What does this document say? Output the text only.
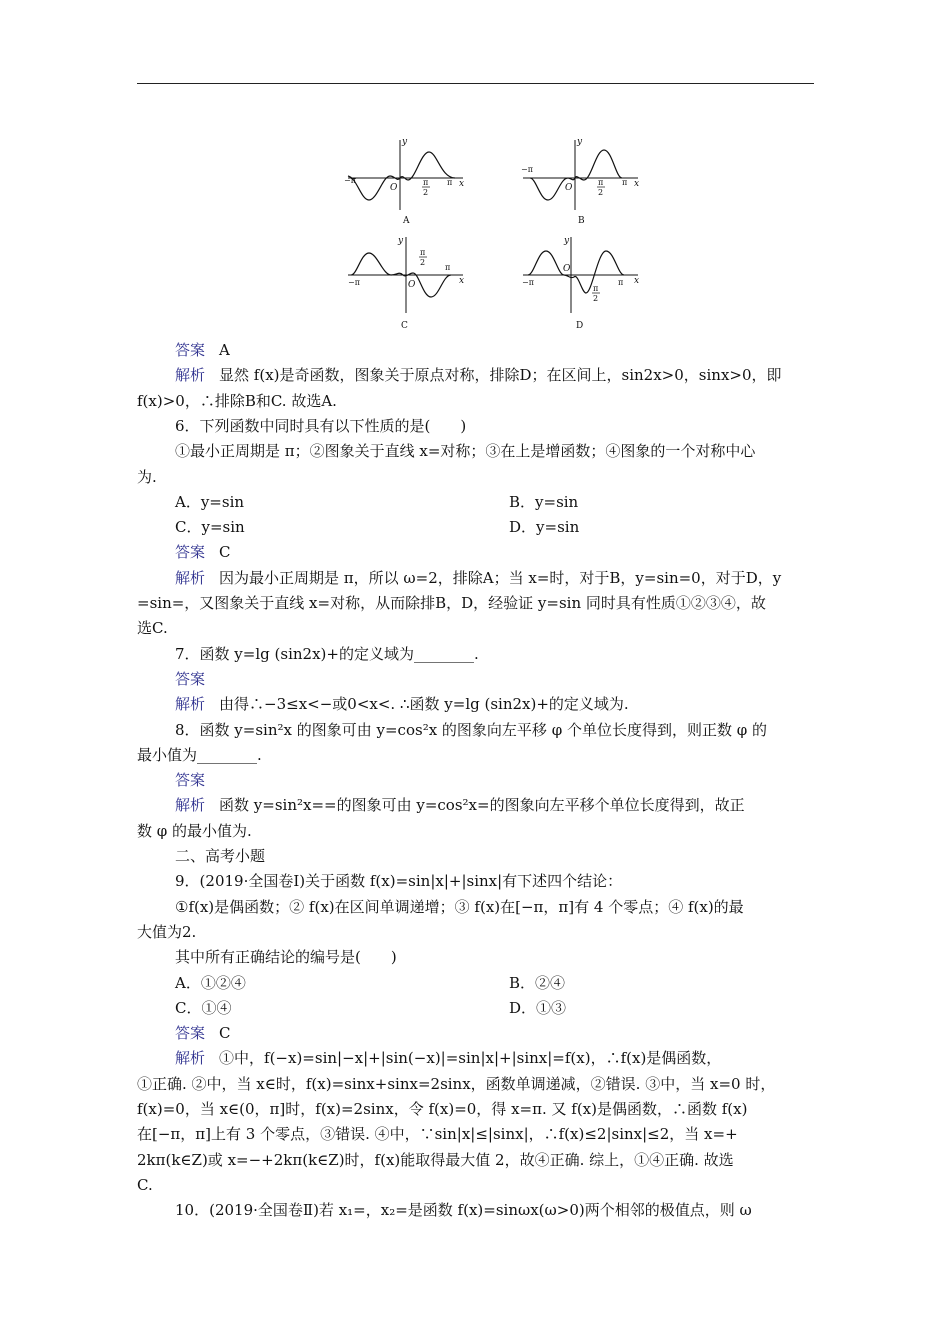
−π
y
x
O
π
2
π
A
−π
y
x
O
π
2
π
B
−π
y
x
O
π
2
π
C
−π
y
x
O
π
2
π
D
答案 A
解析 显然 f(x)是奇函数，图象关于原点对称，排除D；在区间上，sin2x>0，sinx>0，即
f(x)>0，∴排除B和C. 故选A.
6．下列函数中同时具有以下性质的是(　　)
①最小正周期是 π；②图象关于直线 x=对称；③在上是增函数；④图象的一个对称中心
为.
A．y=sin	B．y=sin
C．y=sin	D．y=sin
答案 C
解析 因为最小正周期是 π，所以 ω=2，排除A；当 x=时，对于B，y=sin=0，对于D，y
=sin=，又图象关于直线 x=对称，从而除排B，D，经验证 y=sin 同时具有性质①②③④，故
选C.
7．函数 y=lg (sin2x)+的定义域为________.
答案
解析 由得∴−3≤x<−或0<x<. ∴函数 y=lg (sin2x)+的定义域为.
8．函数 y=sin²x 的图象可由 y=cos²x 的图象向左平移 φ 个单位长度得到，则正数 φ 的
最小值为________.
答案
解析 函数 y=sin²x==的图象可由 y=cos²x=的图象向左平移个单位长度得到，故正
数 φ 的最小值为.
二、高考小题
9．(2019·全国卷Ⅰ)关于函数 f(x)=sin|x|+|sinx|有下述四个结论：
①f(x)是偶函数；② f(x)在区间单调递增；③ f(x)在[−π，π]有 4 个零点；④ f(x)的最
大值为2.
其中所有正确结论的编号是(　　)
A．①②④	B．②④
C．①④	D．①③
答案 C
解析 ①中，f(−x)=sin|−x|+|sin(−x)|=sin|x|+|sinx|=f(x)，∴f(x)是偶函数，
①正确. ②中，当 x∈时，f(x)=sinx+sinx=2sinx，函数单调递减，②错误. ③中，当 x=0 时，
f(x)=0，当 x∈(0，π]时，f(x)=2sinx，令 f(x)=0，得 x=π. 又 f(x)是偶函数，∴函数 f(x)
在[−π，π]上有 3 个零点，③错误. ④中，∵sin|x|≤|sinx|，∴f(x)≤2|sinx|≤2，当 x=+
2kπ(k∈Z)或 x=−+2kπ(k∈Z)时，f(x)能取得最大值 2，故④正确. 综上，①④正确. 故选
C.
10．(2019·全国卷Ⅱ)若 x₁=，x₂=是函数 f(x)=sinωx(ω>0)两个相邻的极值点，则 ω
